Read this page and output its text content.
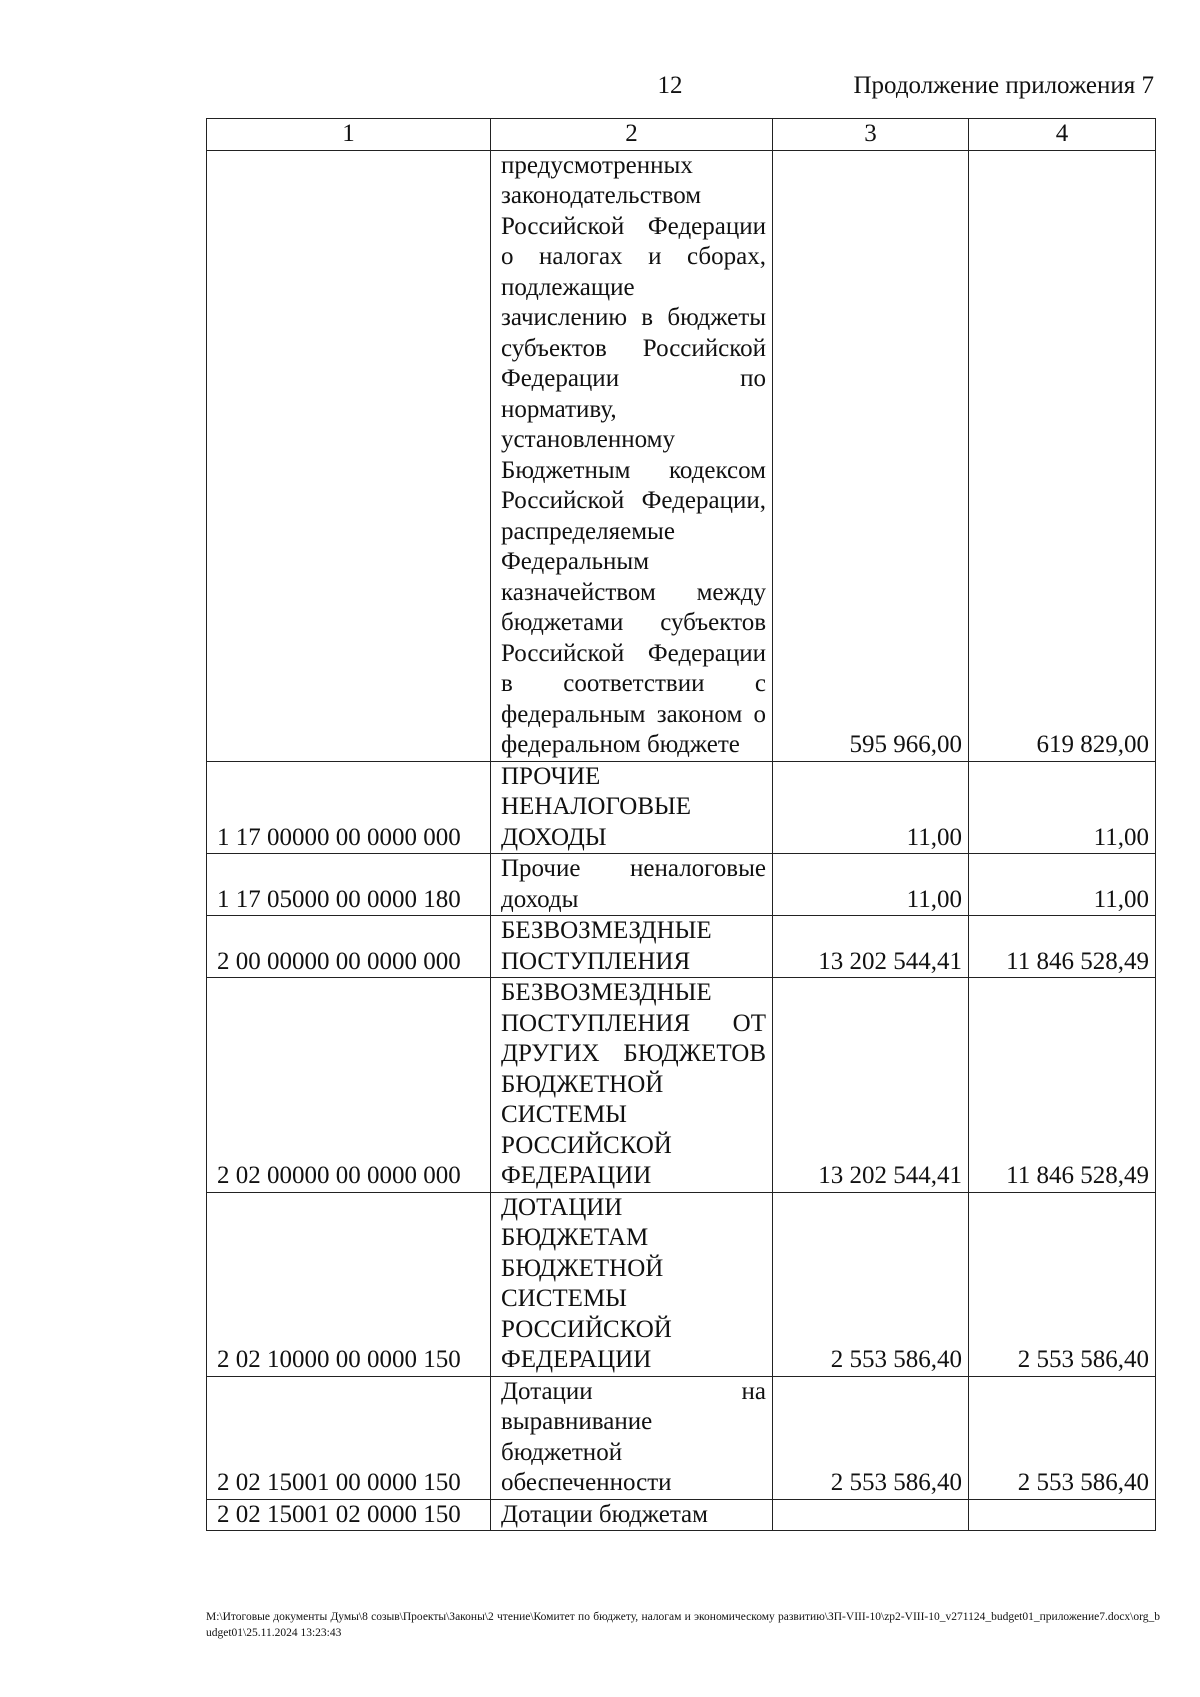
12	Продолжение приложения 7
1	2	3	4
	предусмотренных законодательством Российской Федерации о налогах и сборах, подлежащие зачислению в бюджеты субъектов Российской Федерации по нормативу, установленному Бюджетным кодексом Российской Федерации, распределяемые Федеральным казначейством между бюджетами субъектов Российской Федерации в соответствии с федеральным законом о федеральном бюджете	595 966,00	619 829,00
1 17 00000 00 0000 000	ПРОЧИЕ НЕНАЛОГОВЫЕ ДОХОДЫ	11,00	11,00
1 17 05000 00 0000 180	Прочие неналоговые доходы	11,00	11,00
2 00 00000 00 0000 000	БЕЗВОЗМЕЗДНЫЕ ПОСТУПЛЕНИЯ	13 202 544,41	11 846 528,49
2 02 00000 00 0000 000	БЕЗВОЗМЕЗДНЫЕ ПОСТУПЛЕНИЯ ОТ ДРУГИХ БЮДЖЕТОВ БЮДЖЕТНОЙ СИСТЕМЫ РОССИЙСКОЙ ФЕДЕРАЦИИ	13 202 544,41	11 846 528,49
2 02 10000 00 0000 150	ДОТАЦИИ БЮДЖЕТАМ БЮДЖЕТНОЙ СИСТЕМЫ РОССИЙСКОЙ ФЕДЕРАЦИИ	2 553 586,40	2 553 586,40
2 02 15001 00 0000 150	Дотации на выравнивание бюджетной обеспеченности	2 553 586,40	2 553 586,40
2 02 15001 02 0000 150	Дотации бюджетам		
М:\Итоговые документы Думы\8 созыв\Проекты\Законы\2 чтение\Комитет по бюджету, налогам и экономическому развитию\ЗП-VIII-10\zp2-VIII-10_v271124_budget01_приложение7.docx\org_budget01\25.11.2024 13:23:43
